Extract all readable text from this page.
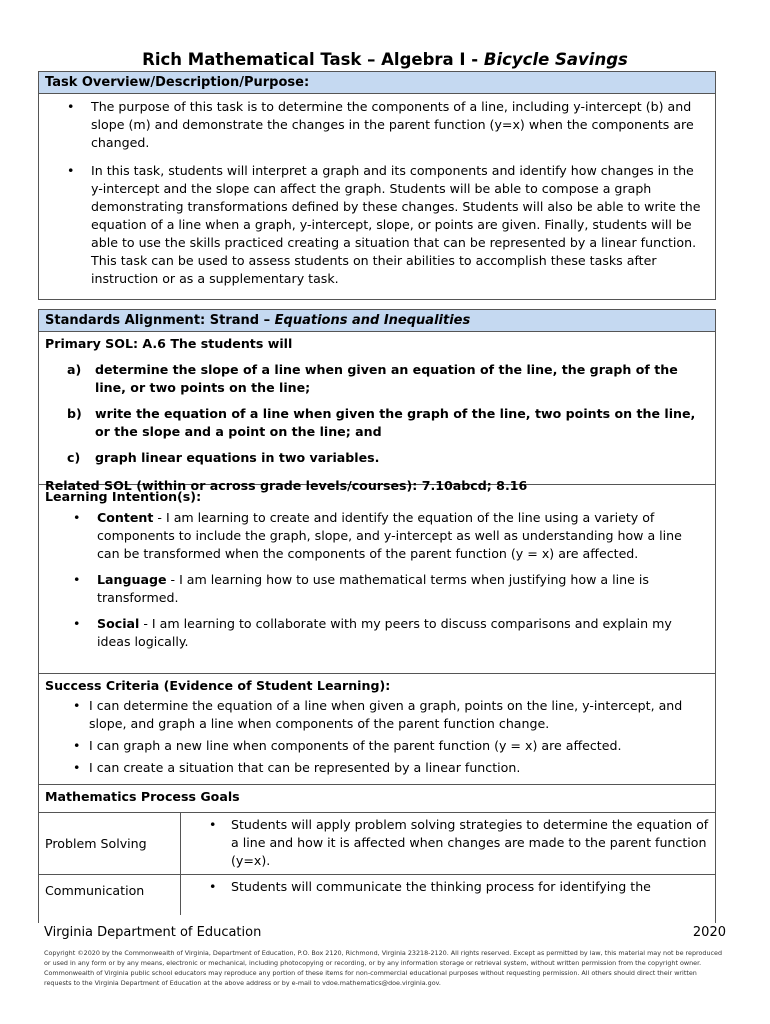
Rich Mathematical Task – Algebra I - Bicycle Savings
Task Overview/Description/Purpose:
• The purpose of this task is to determine the components of a line, including y-intercept (b) and slope (m) and demonstrate the changes in the parent function (y=x) when the components are changed.
• In this task, students will interpret a graph and its components and identify how changes in the y-intercept and the slope can affect the graph. Students will be able to compose a graph demonstrating transformations defined by these changes. Students will also be able to write the equation of a line when a graph, y-intercept, slope, or points are given. Finally, students will be able to use the skills practiced creating a situation that can be represented by a linear function. This task can be used to assess students on their abilities to accomplish these tasks after instruction or as a supplementary task.
Standards Alignment: Strand – Equations and Inequalities
Primary SOL: A.6 The students will
a) determine the slope of a line when given an equation of the line, the graph of the line, or two points on the line;
b) write the equation of a line when given the graph of the line, two points on the line, or the slope and a point on the line; and
c) graph linear equations in two variables.
Related SOL (within or across grade levels/courses): 7.10abcd; 8.16
Learning Intention(s):
• Content - I am learning to create and identify the equation of the line using a variety of components to include the graph, slope, and y-intercept as well as understanding how a line can be transformed when the components of the parent function (y = x) are affected.
• Language - I am learning how to use mathematical terms when justifying how a line is transformed.
• Social - I am learning to collaborate with my peers to discuss comparisons and explain my ideas logically.
Success Criteria (Evidence of Student Learning):
• I can determine the equation of a line when given a graph, points on the line, y-intercept, and slope, and graph a line when components of the parent function change.
• I can graph a new line when components of the parent function (y = x) are affected.
• I can create a situation that can be represented by a linear function.
Mathematics Process Goals
Problem Solving
• Students will apply problem solving strategies to determine the equation of a line and how it is affected when changes are made to the parent function (y=x).
Communication	• Students will communicate the thinking process for identifying the
Virginia Department of Education	2020
Copyright ©2020 by the Commonwealth of Virginia, Department of Education, P.O. Box 2120, Richmond, Virginia 23218-2120. All rights reserved. Except as permitted by law, this material may not be reproduced or used in any form or by any means, electronic or mechanical, including photocopying or recording, or by any information storage or retrieval system, without written permission from the copyright owner. Commonwealth of Virginia public school educators may reproduce any portion of these items for non-commercial educational purposes without requesting permission. All others should direct their written requests to the Virginia Department of Education at the above address or by e-mail to vdoe.mathematics@doe.virginia.gov.
